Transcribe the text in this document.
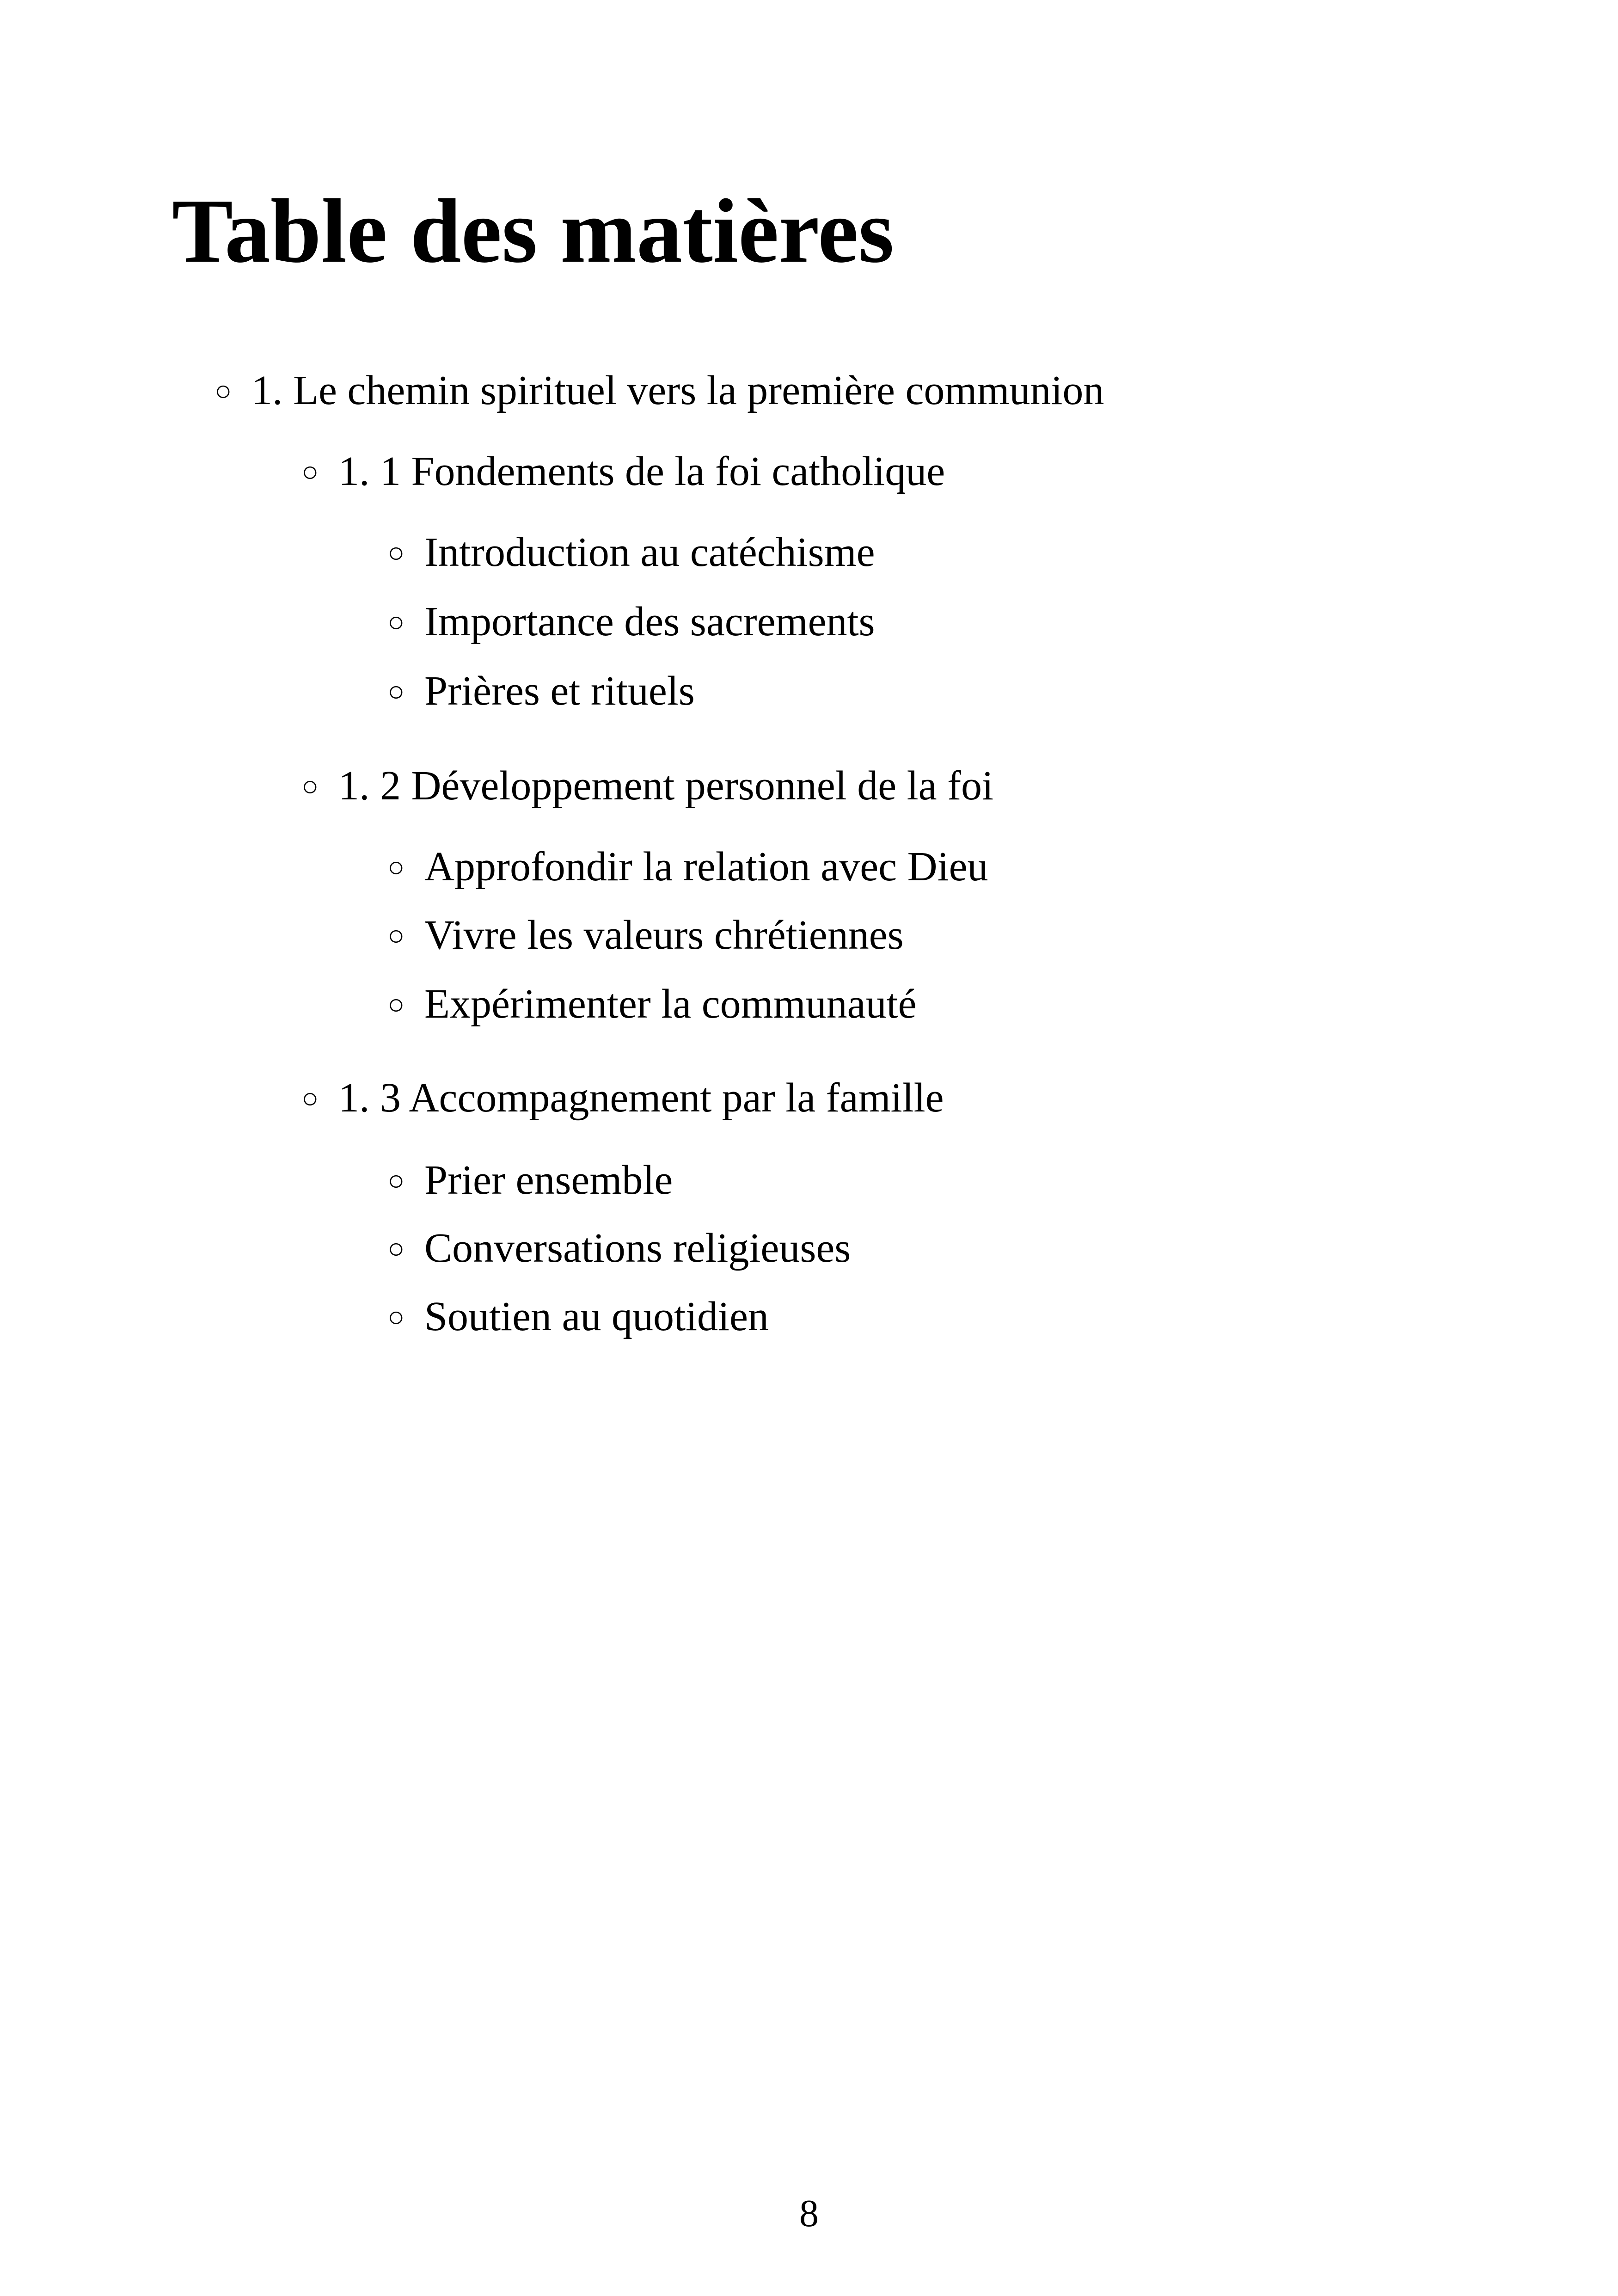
Table des matières
○ 1. Le chemin spirituel vers la première communion
○ 1. 1 Fondements de la foi catholique
○ Introduction au catéchisme
○ Importance des sacrements
○ Prières et rituels
○ 1. 2 Développement personnel de la foi
○ Approfondir la relation avec Dieu
○ Vivre les valeurs chrétiennes
○ Expérimenter la communauté
○ 1. 3 Accompagnement par la famille
○ Prier ensemble
○ Conversations religieuses
○ Soutien au quotidien
8
